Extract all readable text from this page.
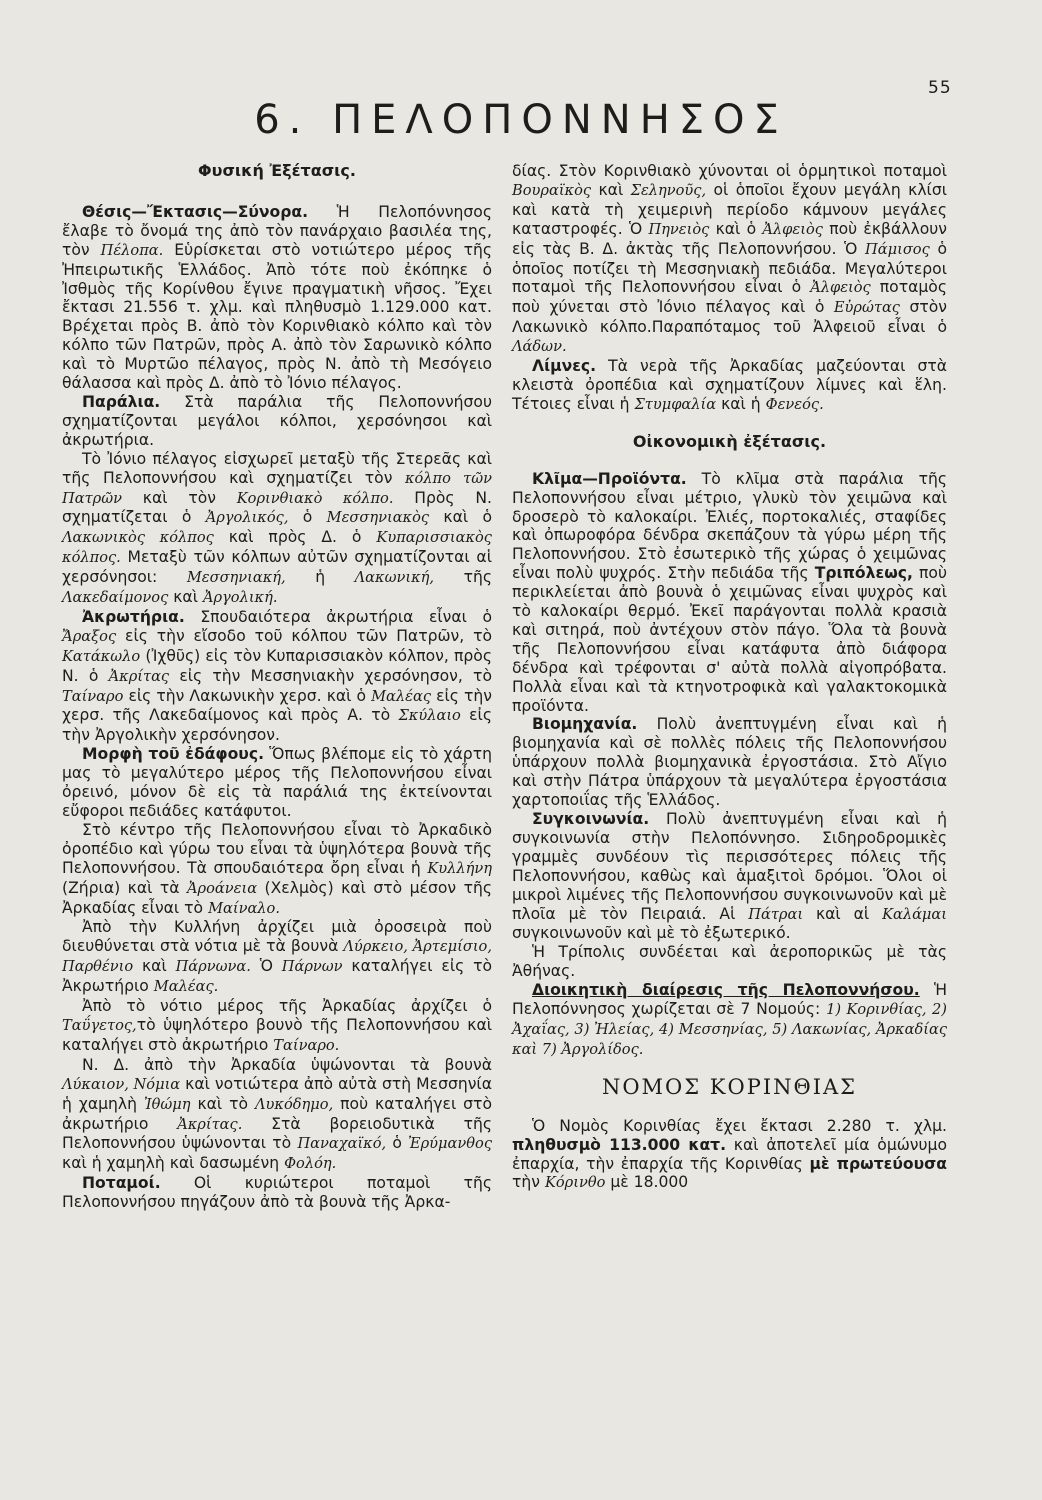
55
6. ΠΕΛΟΠΟΝΝΗΣΟΣ
Φυσική Ἐξέτασις.

Θέσις—Ἔκτασις—Σύνορα. Ἡ Πελοπόννησος ἔλαβε τὸ ὄνομά της ἀπὸ τὸν πανάρχαιο βασιλέα της, τὸν Πέλοπα. Εὑρίσκεται στὸ νοτιώτερο μέρος τῆς Ἠπειρωτικῆς Ἑλλάδος. Ἀπὸ τότε ποὺ ἐκόπηκε ὁ Ἰσθμὸς τῆς Κορίνθου ἔγινε πραγματικὴ νῆσος. Ἔχει ἔκτασι 21.556 τ. χλμ. καὶ πληθυσμὸ 1.129.000 κατ. Βρέχεται πρὸς Β. ἀπὸ τὸν Κορινθιακὸ κόλπο καὶ τὸν κόλπο τῶν Πατρῶν, πρὸς Α. ἀπὸ τὸν Σαρωνικὸ κόλπο καὶ τὸ Μυρτῶο πέλαγος, πρὸς Ν. ἀπὸ τὴ Μεσόγειο θάλασσα καὶ πρὸς Δ. ἀπὸ τὸ Ἰόνιο πέλαγος.

Παράλια. Στὰ παράλια τῆς Πελοποννήσου σχηματίζονται μεγάλοι κόλποι, χερσόνησοι καὶ ἀκρωτήρια.

Τὸ Ἰόνιο πέλαγος εἰσχωρεῖ μεταξὺ τῆς Στερεᾶς καὶ τῆς Πελοποννήσου καὶ σχηματίζει τὸν κόλπο τῶν Πατρῶν καὶ τὸν Κορινθιακὸ κόλπο. Πρὸς Ν. σχηματίζεται ὁ Ἀργολικός, ὁ Μεσσηνιακὸς καὶ ὁ Λακωνικὸς κόλπος καὶ πρὸς Δ. ὁ Κυπαρισσιακὸς κόλπος. Μεταξὺ τῶν κόλπων αὐτῶν σχηματίζονται αἱ χερσόνησοι: Μεσσηνιακή, ἡ Λακωνική, τῆς Λακεδαίμονος καὶ Ἀργολική.

Ἀκρωτήρια. Σπουδαιότερα ἀκρωτήρια εἶναι ὁ Ἄραξος εἰς τὴν εἴσοδο τοῦ κόλπου τῶν Πατρῶν, τὸ Κατάκωλο (Ἰχθῦς) εἰς τὸν Κυπαρισσιακὸν κόλπον, πρὸς Ν. ὁ Ἀκρίτας εἰς τὴν Μεσσηνιακὴν χερσόνησον, τὸ Ταίναρο εἰς τὴν Λακωνικὴν χερσ. καὶ ὁ Μαλέας εἰς τὴν χερσ. τῆς Λακεδαίμονος καὶ πρὸς Α. τὸ Σκύλαιο εἰς τὴν Ἀργολικὴν χερσόνησον.

Μορφὴ τοῦ ἐδάφους. Ὅπως βλέπομε εἰς τὸ χάρτη μας τὸ μεγαλύτερο μέρος τῆς Πελοποννήσου εἶναι ὀρεινό, μόνον δὲ εἰς τὰ παράλιά της ἐκτείνονται εὔφοροι πεδιάδες κατάφυτοι.

Στὸ κέντρο τῆς Πελοποννήσου εἶναι τὸ Ἀρκαδικὸ ὀροπέδιο καὶ γύρω του εἶναι τὰ ὑψηλότερα βουνὰ τῆς Πελοποννήσου. Τὰ σπουδαιότερα ὄρη εἶναι ἡ Κυλλήνη (Ζήρια) καὶ τὰ Ἀροάνεια (Χελμὸς) καὶ στὸ μέσον τῆς Ἀρκαδίας εἶναι τὸ Μαίναλο.

Ἀπὸ τὴν Κυλλήνη ἀρχίζει μιὰ ὀροσειρὰ ποὺ διευθύνεται στὰ νότια μὲ τὰ βουνὰ Λύρκειο, Ἀρτεμίσιο, Παρθένιο καὶ Πάρνωνα. Ὁ Πάρνων καταλήγει εἰς τὸ Ἀκρωτήριο Μαλέας.

Ἀπὸ τὸ νότιο μέρος τῆς Ἀρκαδίας ἀρχίζει ὁ Ταΰγετος,τὸ ὑψηλότερο βουνὸ τῆς Πελοποννήσου καὶ καταλήγει στὸ ἀκρωτήριο Ταίναρο.

Ν. Δ. ἀπὸ τὴν Ἀρκαδία ὑψώνονται τὰ βουνὰ Λύκαιον, Νόμια καὶ νοτιώτερα ἀπὸ αὐτὰ στὴ Μεσσηνία ἡ χαμηλὴ Ἰθώμη καὶ τὸ Λυκόδημο, ποὺ καταλήγει στὸ ἀκρωτήριο Ἀκρίτας. Στὰ βορειοδυτικὰ τῆς Πελοποννήσου ὑψώνονται τὸ Παναχαϊκό, ὁ Ἐρύμανθος καὶ ἡ χαμηλὴ καὶ δασωμένη Φολόη.

Ποταμοί. Οἱ κυριώτεροι ποταμοὶ τῆς Πελοποννήσου πηγάζουν ἀπὸ τὰ βουνὰ τῆς Ἀρκα-

δίας. Στὸν Κορινθιακὸ χύνονται οἱ ὁρμητικοὶ ποταμοὶ Βουραϊκὸς καὶ Σεληνοῦς, οἱ ὁποῖοι ἔχουν μεγάλη κλίσι καὶ κατὰ τὴ χειμερινὴ περίοδο κάμνουν μεγάλες καταστροφές. Ὁ Πηνειὸς καὶ ὁ Ἀλφειὸς ποὺ ἐκβάλλουν εἰς τὰς Β. Δ. ἀκτὰς τῆς Πελοποννήσου. Ὁ Πάμισος ὁ ὁποῖος ποτίζει τὴ Μεσσηνιακὴ πεδιάδα. Μεγαλύτεροι ποταμοὶ τῆς Πελοποννήσου εἶναι ὁ Ἀλφειὸς ποταμὸς ποὺ χύνεται στὸ Ἰόνιο πέλαγος καὶ ὁ Εὐρώτας στὸν Λακωνικὸ κόλπο.Παραπόταμος τοῦ Ἀλφειοῦ εἶναι ὁ Λάδων.

Λίμνες. Τὰ νερὰ τῆς Ἀρκαδίας μαζεύονται στὰ κλειστὰ ὀροπέδια καὶ σχηματίζουν λίμνες καὶ ἕλη. Τέτοιες εἶναι ἡ Στυμφαλία καὶ ἡ Φενεός.

Οἰκονομικὴ ἐξέτασις.

Κλῖμα—Προϊόντα. Τὸ κλῖμα στὰ παράλια τῆς Πελοποννήσου εἶναι μέτριο, γλυκὺ τὸν χειμῶνα καὶ δροσερὸ τὸ καλοκαίρι. Ἐλιές, πορτοκαλιές, σταφίδες καὶ ὀπωροφόρα δένδρα σκεπάζουν τὰ γύρω μέρη τῆς Πελοποννήσου. Στὸ ἐσωτερικὸ τῆς χώρας ὁ χειμῶνας εἶναι πολὺ ψυχρός. Στὴν πεδιάδα τῆς Τριπόλεως, ποὺ περικλείεται ἀπὸ βουνὰ ὁ χειμῶνας εἶναι ψυχρὸς καὶ τὸ καλοκαίρι θερμό. Ἐκεῖ παράγονται πολλὰ κρασιὰ καὶ σιτηρά, ποὺ ἀντέχουν στὸν πάγο. Ὅλα τὰ βουνὰ τῆς Πελοποννήσου εἶναι κατάφυτα ἀπὸ διάφορα δένδρα καὶ τρέφονται σ' αὐτὰ πολλὰ αἰγοπρόβατα. Πολλὰ εἶναι καὶ τὰ κτηνοτροφικὰ καὶ γαλακτοκομικὰ προϊόντα.

Βιομηχανία. Πολὺ ἀνεπτυγμένη εἶναι καὶ ἡ βιομηχανία καὶ σὲ πολλὲς πόλεις τῆς Πελοποννήσου ὑπάρχουν πολλὰ βιομηχανικὰ ἐργοστάσια. Στὸ Αἴγιο καὶ στὴν Πάτρα ὑπάρχουν τὰ μεγαλύτερα ἐργοστάσια χαρτοποιΐας τῆς Ἑλλάδος.

Συγκοινωνία. Πολὺ ἀνεπτυγμένη εἶναι καὶ ἡ συγκοινωνία στὴν Πελοπόννησο. Σιδηροδρομικὲς γραμμὲς συνδέουν τὶς περισσότερες πόλεις τῆς Πελοποννήσου, καθὼς καὶ ἁμαξιτοὶ δρόμοι. Ὅλοι οἱ μικροὶ λιμένες τῆς Πελοποννήσου συγκοινωνοῦν καὶ μὲ πλοῖα μὲ τὸν Πειραιά. Αἱ Πάτραι καὶ αἱ Καλάμαι συγκοινωνοῦν καὶ μὲ τὸ ἐξωτερικό.

Ἡ Τρίπολις συνδέεται καὶ ἀεροπορικῶς μὲ τὰς Ἀθήνας.

Διοικητικὴ διαίρεσις τῆς Πελοποννήσου. Ἡ Πελοπόννησος χωρίζεται σὲ 7 Νομούς: 1) Κορινθίας, 2) Ἀχαΐας, 3) Ἠλείας, 4) Μεσσηνίας, 5) Λακωνίας, Ἀρκαδίας καὶ 7) Ἀργολίδος.

ΝΟΜΟΣ ΚΟΡΙΝΘΙΑΣ

Ὁ Νομὸς Κορινθίας ἔχει ἔκτασι 2.280 τ. χλμ. πληθυσμὸ 113.000 κατ. καὶ ἀποτελεῖ μία ὁμώνυμο ἐπαρχία, τὴν ἐπαρχία τῆς Κορινθίας μὲ πρωτεύουσα τὴν Κόρινθο μὲ 18.000
